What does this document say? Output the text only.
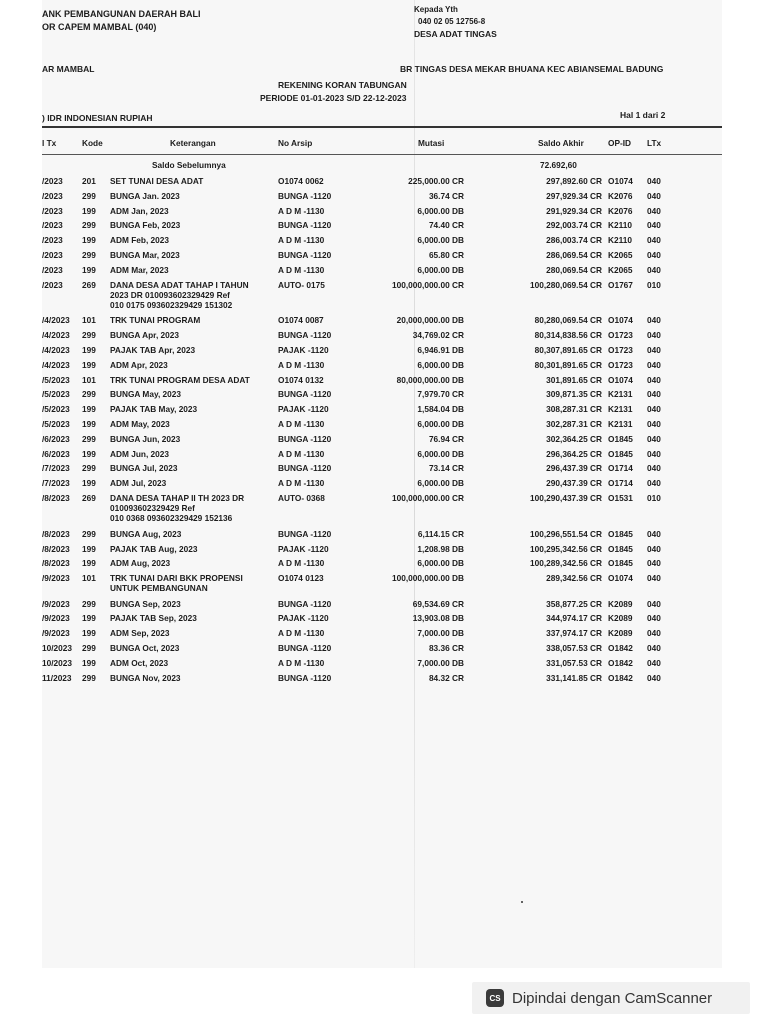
ANK PEMBANGUNAN DAERAH BALI
OR CAPEM MAMBAL (040)
Kepada Yth
040 02 05 12756-8
DESA ADAT TINGAS
AR MAMBAL	BR TINGAS DESA MEKAR BHUANA KEC ABIANSEMAL BADUNG
REKENING KORAN TABUNGAN
PERIODE 01-01-2023 S/D 22-12-2023
) IDR INDONESIAN RUPIAH	Hal 1 dari 2
l Tx	Kode	Keterangan	No Arsip	Mutasi	Saldo Akhir	OP-ID LTx
Saldo Sebelumnya	72.692,60
/2023 201 SET TUNAI DESA ADAT	O1074 0062	225,000.00 CR	297,892.60 CR O1074 040
/2023 299 BUNGA Jan. 2023	BUNGA -1120	36.74 CR	297,929.34 CR K2076 040
/2023 199 ADM Jan, 2023	A D M -1130	6,000.00 DB	291,929.34 CR K2076 040
/2023 299 BUNGA Feb, 2023	BUNGA -1120	74.40 CR	292,003.74 CR K2110 040
/2023 199 ADM Feb, 2023	A D M -1130	6,000.00 DB	286,003.74 CR K2110 040
/2023 299 BUNGA Mar, 2023	BUNGA -1120	65.80 CR	286,069.54 CR K2065 040
/2023 199 ADM Mar, 2023	A D M -1130	6,000.00 DB	280,069.54 CR K2065 040
/2023 269 DANA DESA ADAT TAHAP I TAHUN
2023 DR 010093602329429 Ref
010 0175 093602329429 151302
AUTO- 0175	100,000,000.00 CR	100,280,069.54 CR O1767 010
/4/2023 101 TRK TUNAI PROGRAM	O1074 0087	20,000,000.00 DB	80,280,069.54 CR O1074 040
/4/2023 299 BUNGA Apr, 2023	BUNGA -1120	34,769.02 CR	80,314,838.56 CR O1723 040
/4/2023 199 PAJAK TAB Apr, 2023	PAJAK -1120	6,946.91 DB	80,307,891.65 CR O1723 040
/4/2023 199 ADM Apr, 2023	A D M -1130	6,000.00 DB	80,301,891.65 CR O1723 040
/5/2023 101 TRK TUNAI PROGRAM DESA ADAT	O1074 0132	80,000,000.00 DB	301,891.65 CR O1074 040
/5/2023 299 BUNGA May, 2023	BUNGA -1120	7,979.70 CR	309,871.35 CR K2131 040
/5/2023 199 PAJAK TAB May, 2023	PAJAK -1120	1,584.04 DB	308,287.31 CR K2131 040
/5/2023 199 ADM May, 2023	A D M -1130	6,000.00 DB	302,287.31 CR K2131 040
/6/2023 299 BUNGA Jun, 2023	BUNGA -1120	76.94 CR	302,364.25 CR O1845 040
/6/2023 199 ADM Jun, 2023	A D M -1130	6,000.00 DB	296,364.25 CR O1845 040
/7/2023 299 BUNGA Jul, 2023	BUNGA -1120	73.14 CR	296,437.39 CR O1714 040
/7/2023 199 ADM Jul, 2023	A D M -1130	6,000.00 DB	290,437.39 CR O1714 040
/8/2023 269 DANA DESA TAHAP II TH 2023 DR
010093602329429 Ref
010 0368 093602329429 152136
AUTO- 0368	100,000,000.00 CR	100,290,437.39 CR O1531 010
/8/2023 299 BUNGA Aug, 2023	BUNGA -1120	6,114.15 CR	100,296,551.54 CR O1845 040
/8/2023 199 PAJAK TAB Aug, 2023	PAJAK -1120	1,208.98 DB	100,295,342.56 CR O1845 040
/8/2023 199 ADM Aug, 2023	A D M -1130	6,000.00 DB	100,289,342.56 CR O1845 040
/9/2023 101 TRK TUNAI DARI BKK PROPENSI
UNTUK PEMBANGUNAN
O1074 0123	100,000,000.00 DB	289,342.56 CR O1074 040
/9/2023 299 BUNGA Sep, 2023	BUNGA -1120	69,534.69 CR	358,877.25 CR K2089 040
/9/2023 199 PAJAK TAB Sep, 2023	PAJAK -1120	13,903.08 DB	344,974.17 CR K2089 040
/9/2023 199 ADM Sep, 2023	A D M -1130	7,000.00 DB	337,974.17 CR K2089 040
10/2023 299 BUNGA Oct, 2023	BUNGA -1120	83.36 CR	338,057.53 CR O1842 040
10/2023 199 ADM Oct, 2023	A D M -1130	7,000.00 DB	331,057.53 CR O1842 040
11/2023 299 BUNGA Nov, 2023	BUNGA -1120	84.32 CR	331,141.85 CR O1842 040
CS Dipindai dengan CamScanner
